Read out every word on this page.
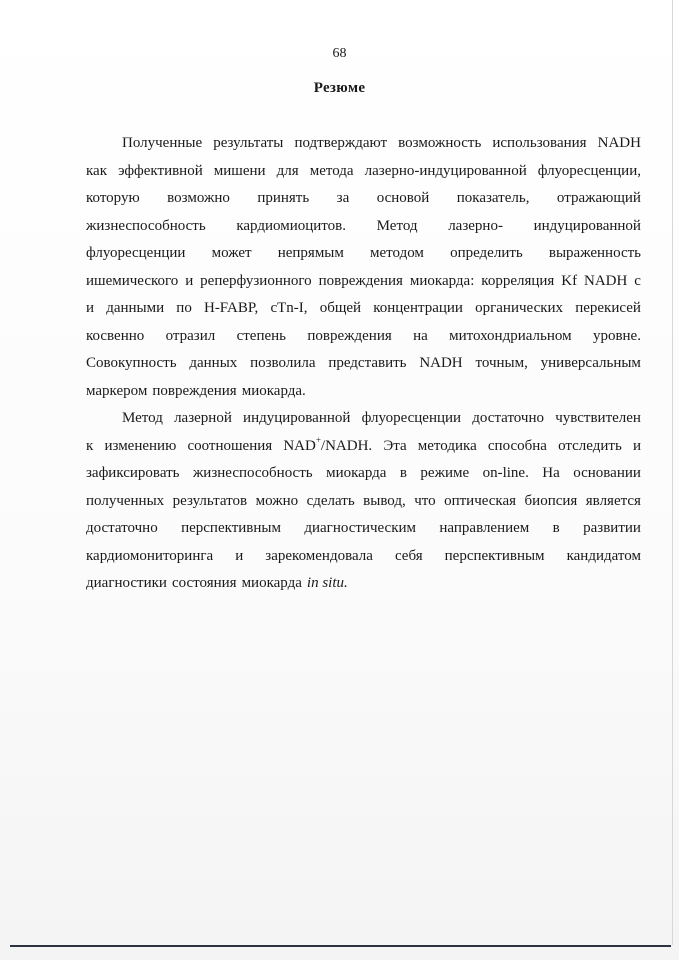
68
Резюме
Полученные результаты подтверждают возможность использования NADH
как эффективной мишени для метода лазерно-индуцированной флуоресценции,
которую возможно принять за основой показатель, отражающий
жизнеспособность кардиомиоцитов. Метод лазерно- индуцированной
флуоресценции может непрямым методом определить выраженность
ишемического и реперфузионного повреждения миокарда: корреляция Kf NADH с
и данными по H-FABP, cTn-I, общей концентрации органических перекисей
косвенно отразил степень повреждения на митохондриальном уровне.
Совокупность данных позволила представить NADH точным, универсальным
маркером повреждения миокарда.
Метод лазерной индуцированной флуоресценции достаточно чувствителен
к изменению соотношения NAD+/NADH. Эта методика способна отследить и
зафиксировать жизнеспособность миокарда в режиме on-line. На основании
полученных результатов можно сделать вывод, что оптическая биопсия является
достаточно перспективным диагностическим направлением в развитии
кардиомониторинга и зарекомендовала себя перспективным кандидатом
диагностики состояния миокарда in situ.
